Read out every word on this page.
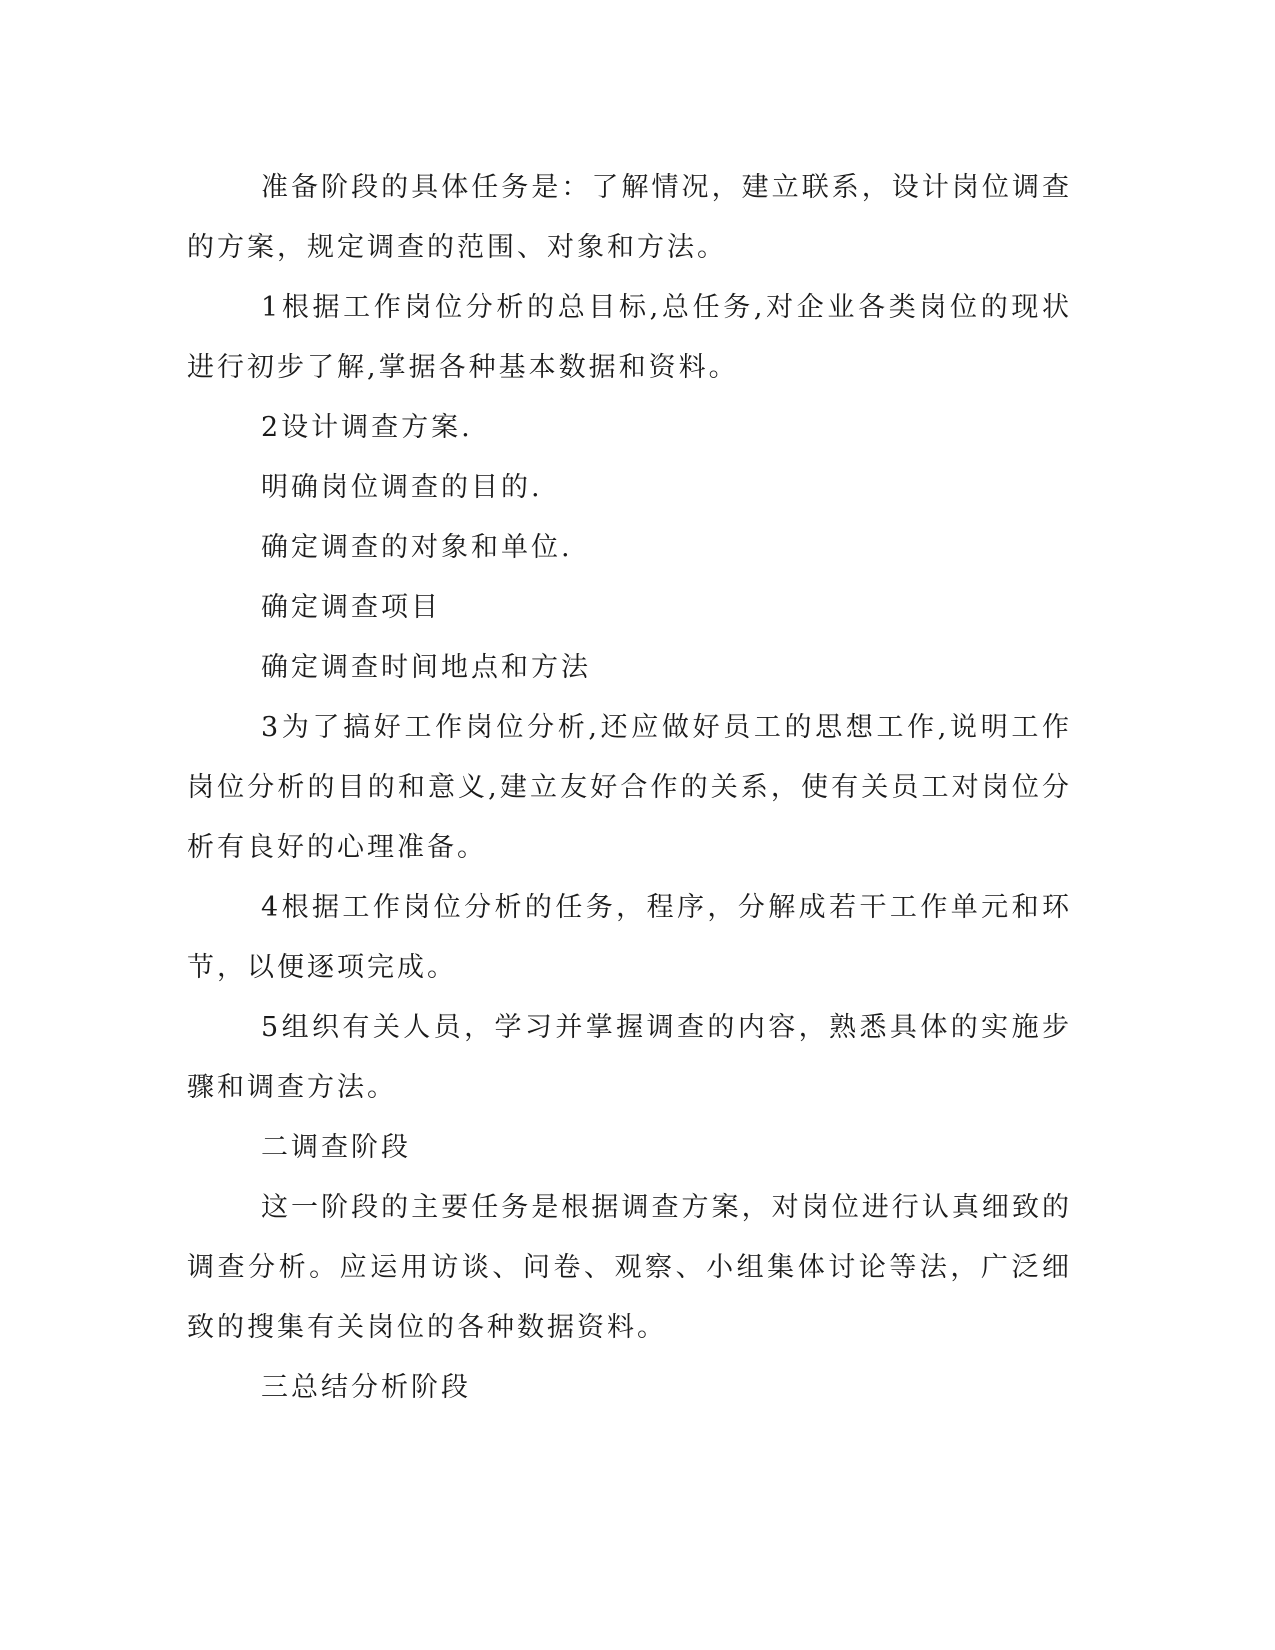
准备阶段的具体任务是：了解情况，建立联系，设计岗位调查的方案，规定调查的范围、对象和方法。

1根据工作岗位分析的总目标,总任务,对企业各类岗位的现状进行初步了解,掌据各种基本数据和资料。

2设计调查方案.

明确岗位调查的目的.

确定调查的对象和单位.

确定调查项目

确定调查时间地点和方法

3为了搞好工作岗位分析,还应做好员工的思想工作,说明工作岗位分析的目的和意义,建立友好合作的关系，使有关员工对岗位分析有良好的心理准备。

4根据工作岗位分析的任务，程序，分解成若干工作单元和环节，以便逐项完成。

5组织有关人员，学习并掌握调查的内容，熟悉具体的实施步骤和调查方法。

二调查阶段

这一阶段的主要任务是根据调查方案，对岗位进行认真细致的调查分析。应运用访谈、问卷、观察、小组集体讨论等法，广泛细致的搜集有关岗位的各种数据资料。

三总结分析阶段
